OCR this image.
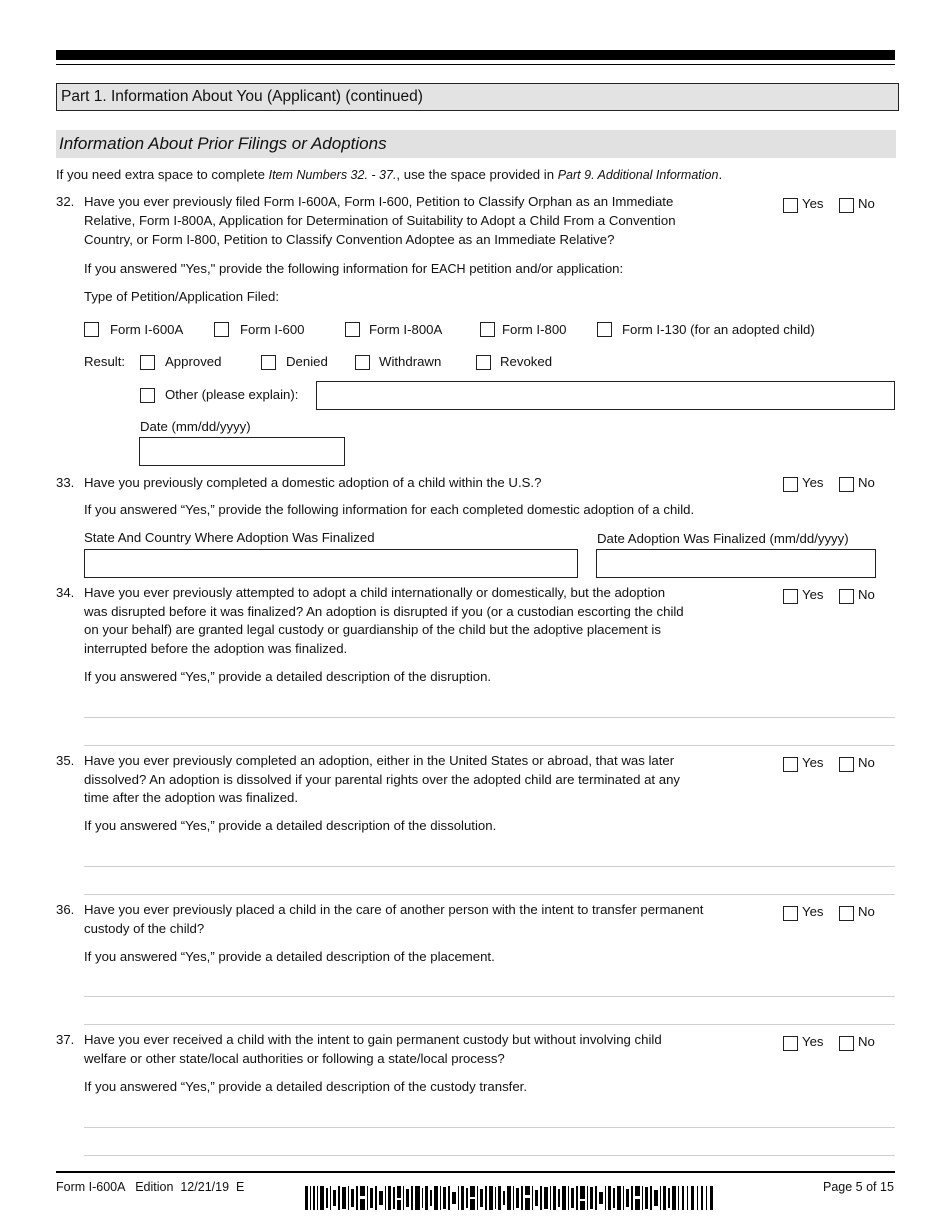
Part 1. Information About You (Applicant) (continued)
Information About Prior Filings or Adoptions
If you need extra space to complete Item Numbers 32. - 37., use the space provided in Part 9. Additional Information.
32. Have you ever previously filed Form I-600A, Form I-600, Petition to Classify Orphan as an Immediate
Relative, Form I-800A, Application for Determination of Suitability to Adopt a Child From a Convention
Country, or Form I-800, Petition to Classify Convention Adoptee as an Immediate Relative?
Yes	No
If you answered "Yes," provide the following information for EACH petition and/or application:
Type of Petition/Application Filed:
Form I-600A	Form I-600	Form I-800A	Form I-800	Form I-130 (for an adopted child)
Result:	Approved	Denied	Withdrawn	Revoked
Other (please explain):
Date (mm/dd/yyyy)
33. Have you previously completed a domestic adoption of a child within the U.S.?	Yes	No
If you answered “Yes,” provide the following information for each completed domestic adoption of a child.
State And Country Where Adoption Was Finalized	Date Adoption Was Finalized (mm/dd/yyyy)
34. Have you ever previously attempted to adopt a child internationally or domestically, but the adoption
was disrupted before it was finalized? An adoption is disrupted if you (or a custodian escorting the child
on your behalf) are granted legal custody or guardianship of the child but the adoptive placement is
interrupted before the adoption was finalized.
Yes	No
If you answered “Yes,” provide a detailed description of the disruption.
35. Have you ever previously completed an adoption, either in the United States or abroad, that was later
dissolved? An adoption is dissolved if your parental rights over the adopted child are terminated at any
time after the adoption was finalized.
Yes	No
If you answered “Yes,” provide a detailed description of the dissolution.
36. Have you ever previously placed a child in the care of another person with the intent to transfer permanent
custody of the child?
Yes	No
If you answered “Yes,” provide a detailed description of the placement.
37. Have you ever received a child with the intent to gain permanent custody but without involving child
welfare or other state/local authorities or following a state/local process?
Yes	No
If you answered “Yes,” provide a detailed description of the custody transfer.
Form I-600A   Edition  12/21/19  E	Page 5 of 15
